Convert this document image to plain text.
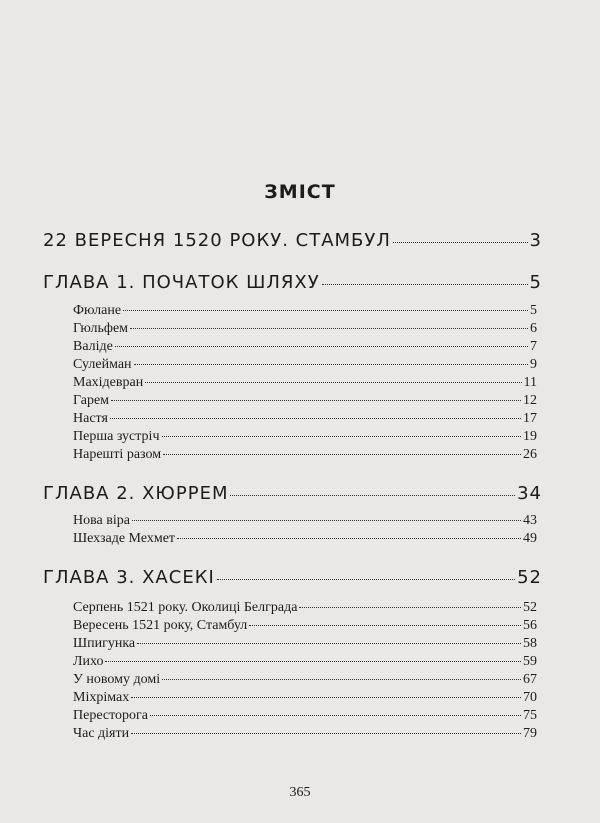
ЗМІСТ
22 ВЕРЕСНЯ 1520 РОКУ. СТАМБУЛ	3
ГЛАВА 1. ПОЧАТОК ШЛЯХУ	5
Фюлане	5
Гюльфем	6
Валіде	7
Сулейман	9
Махідевран	11
Гарем	12
Настя	17
Перша зустріч	19
Нарешті разом	26
ГЛАВА 2. ХЮРРЕМ	34
Нова віра	43
Шехзаде Мехмет	49
ГЛАВА 3. ХАСЕКІ	52
Серпень 1521 року. Околиці Белграда	52
Вересень 1521 року, Стамбул	56
Шпигунка	58
Лихо	59
У новому домі	67
Міхрімах	70
Пересторога	75
Час діяти	79
365
